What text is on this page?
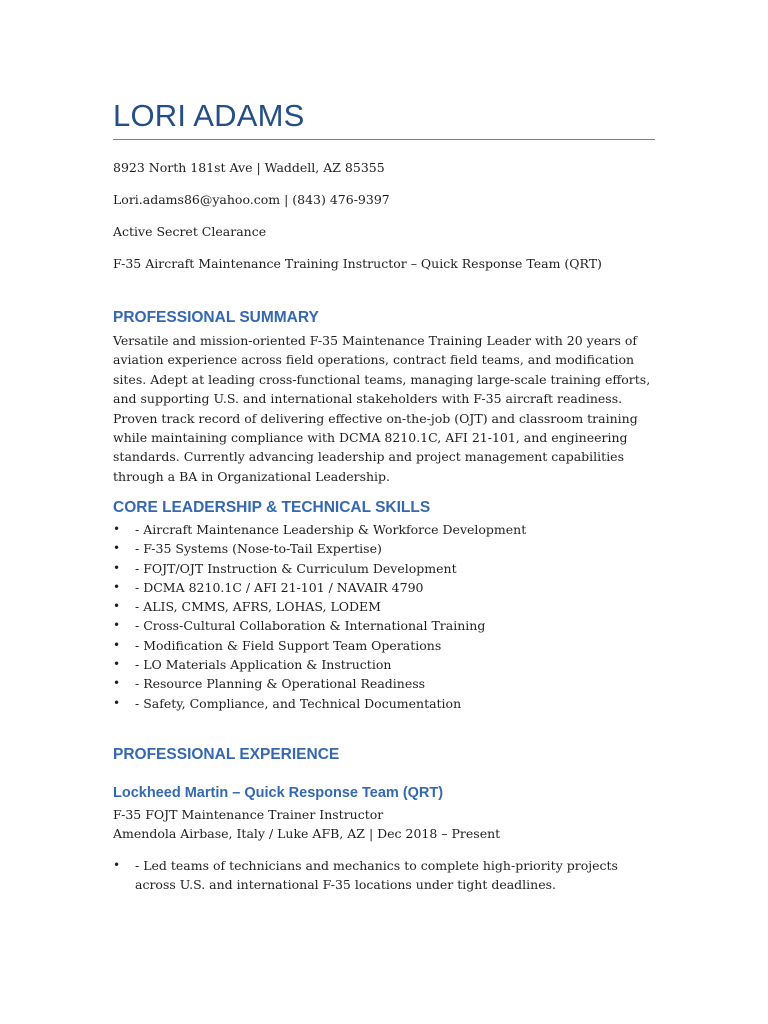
LORI ADAMS

8923 North 181st Ave | Waddell, AZ 85355

Lori.adams86@yahoo.com | (843) 476-9397

Active Secret Clearance

F-35 Aircraft Maintenance Training Instructor – Quick Response Team (QRT)

PROFESSIONAL SUMMARY

Versatile and mission-oriented F-35 Maintenance Training Leader with 20 years of aviation experience across field operations, contract field teams, and modification sites. Adept at leading cross-functional teams, managing large-scale training efforts, and supporting U.S. and international stakeholders with F-35 aircraft readiness. Proven track record of delivering effective on-the-job (OJT) and classroom training while maintaining compliance with DCMA 8210.1C, AFI 21-101, and engineering standards. Currently advancing leadership and project management capabilities through a BA in Organizational Leadership.

CORE LEADERSHIP & TECHNICAL SKILLS
• - Aircraft Maintenance Leadership & Workforce Development
• - F-35 Systems (Nose-to-Tail Expertise)
• - FOJT/OJT Instruction & Curriculum Development
• - DCMA 8210.1C / AFI 21-101 / NAVAIR 4790
• - ALIS, CMMS, AFRS, LOHAS, LODEM
• - Cross-Cultural Collaboration & International Training
• - Modification & Field Support Team Operations
• - LO Materials Application & Instruction
• - Resource Planning & Operational Readiness
• - Safety, Compliance, and Technical Documentation
PROFESSIONAL EXPERIENCE
Lockheed Martin – Quick Response Team (QRT)

F-35 FOJT Maintenance Trainer Instructor

Amendola Airbase, Italy / Luke AFB, AZ | Dec 2018 – Present

• - Led teams of technicians and mechanics to complete high-priority projects across U.S. and international F-35 locations under tight deadlines.
